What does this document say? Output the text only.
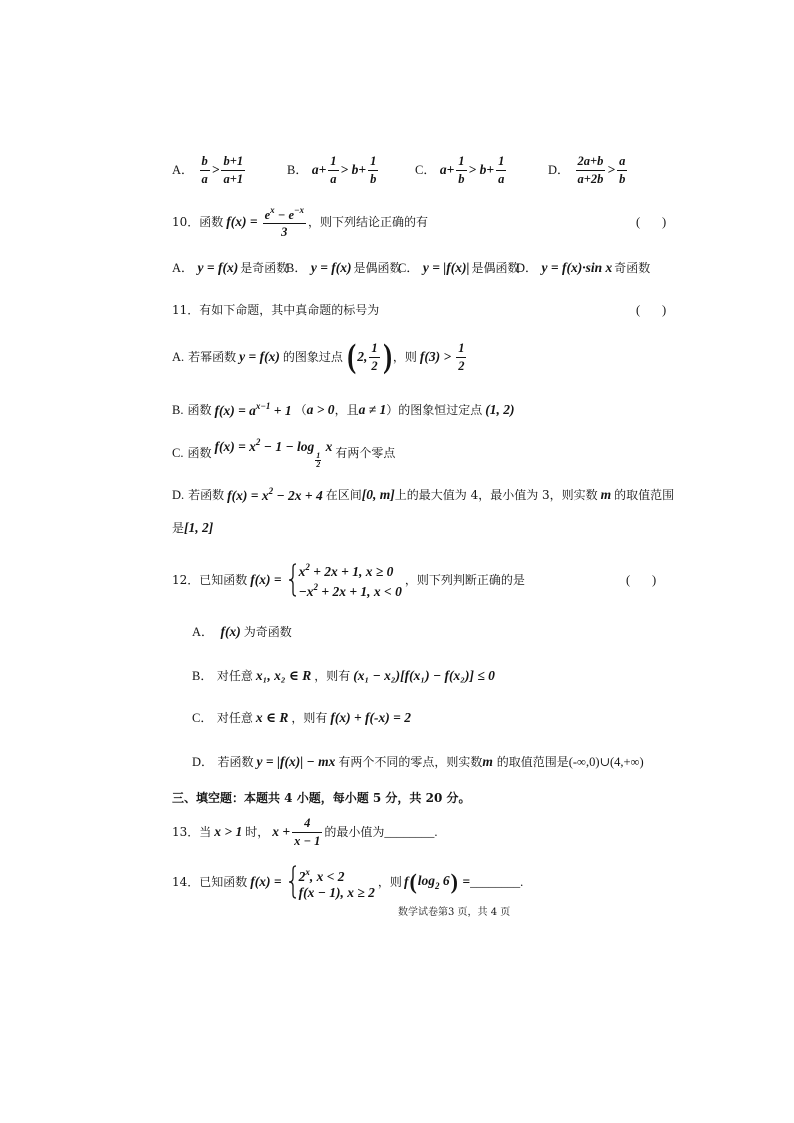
A． $\frac{b}{a} > \frac{b+1}{a+1}$	B． $a+ \frac{1}{a} > b+ \frac{1}{b}$	C． $a+ \frac{1}{b} > b+ \frac{1}{a}$	D． $\frac{2a+b}{a+2b} > \frac{a}{b}$
10．函数 $f(x) = \frac{e^x - e^{-x}}{3}$ ，则下列结论正确的有	(       )
A． y = f(x) 是奇函数
B． y = f(x) 是偶函数
C． y = |f(x)| 是偶函数
D． y = f(x)·sin x 奇函数
11．有如下命题，其中真命题的标号为	(       )
A. 若幂函数 y = f(x) 的图象过点 ( 2, $\frac{1}{2}$ ) ，则 $f(3) > \frac{1}{2}$
B. 函数 $f(x) = a^{x-1} + 1$ （ a > 0 ，且 a ≠ 1 ）的图象恒过定点 (1, 2)
C. 函数 $f(x) = x^2 - 1 - \log$
$\frac{1}{2}$
x 有两个零点
D. 若函数 $f(x) = x^2 - 2x + 4$ 在区间 [0, m] 上的最大值为 4，最小值为 3，则实数 m 的取值范围
是 [1, 2]
12．已知函数 f(x) =
$x^2 + 2x + 1$, x ≥ 0
$-x^2 + 2x + 1$, x < 0
，则下列判断正确的是	(       )
A． f(x) 为奇函数
B． 对任意 x₁, x₂ ∈ R ，则有 (x₁ − x₂)[f(x₁) − f(x₂)] ≤ 0
C． 对任意 x ∈ R ，则有 f(x) + f(-x) = 2
D． 若函数 y = |f(x)| − mx 有两个不同的零点，则实数 m 的取值范围是 (-∞,0)∪(4,+∞)
三、填空题：本题共 4 小题，每小题 5 分，共 20 分。
13．当 x > 1 时， $x + \frac{4}{x - 1}$ 的最小值为 ________ .
14．已知函数 $f(x) = 2^x$, x < 2
f(x − 1), x ≥ 2
，则 f ( $\log_2 6$ ) = ________ .
数学试卷第3 页，共 4 页
